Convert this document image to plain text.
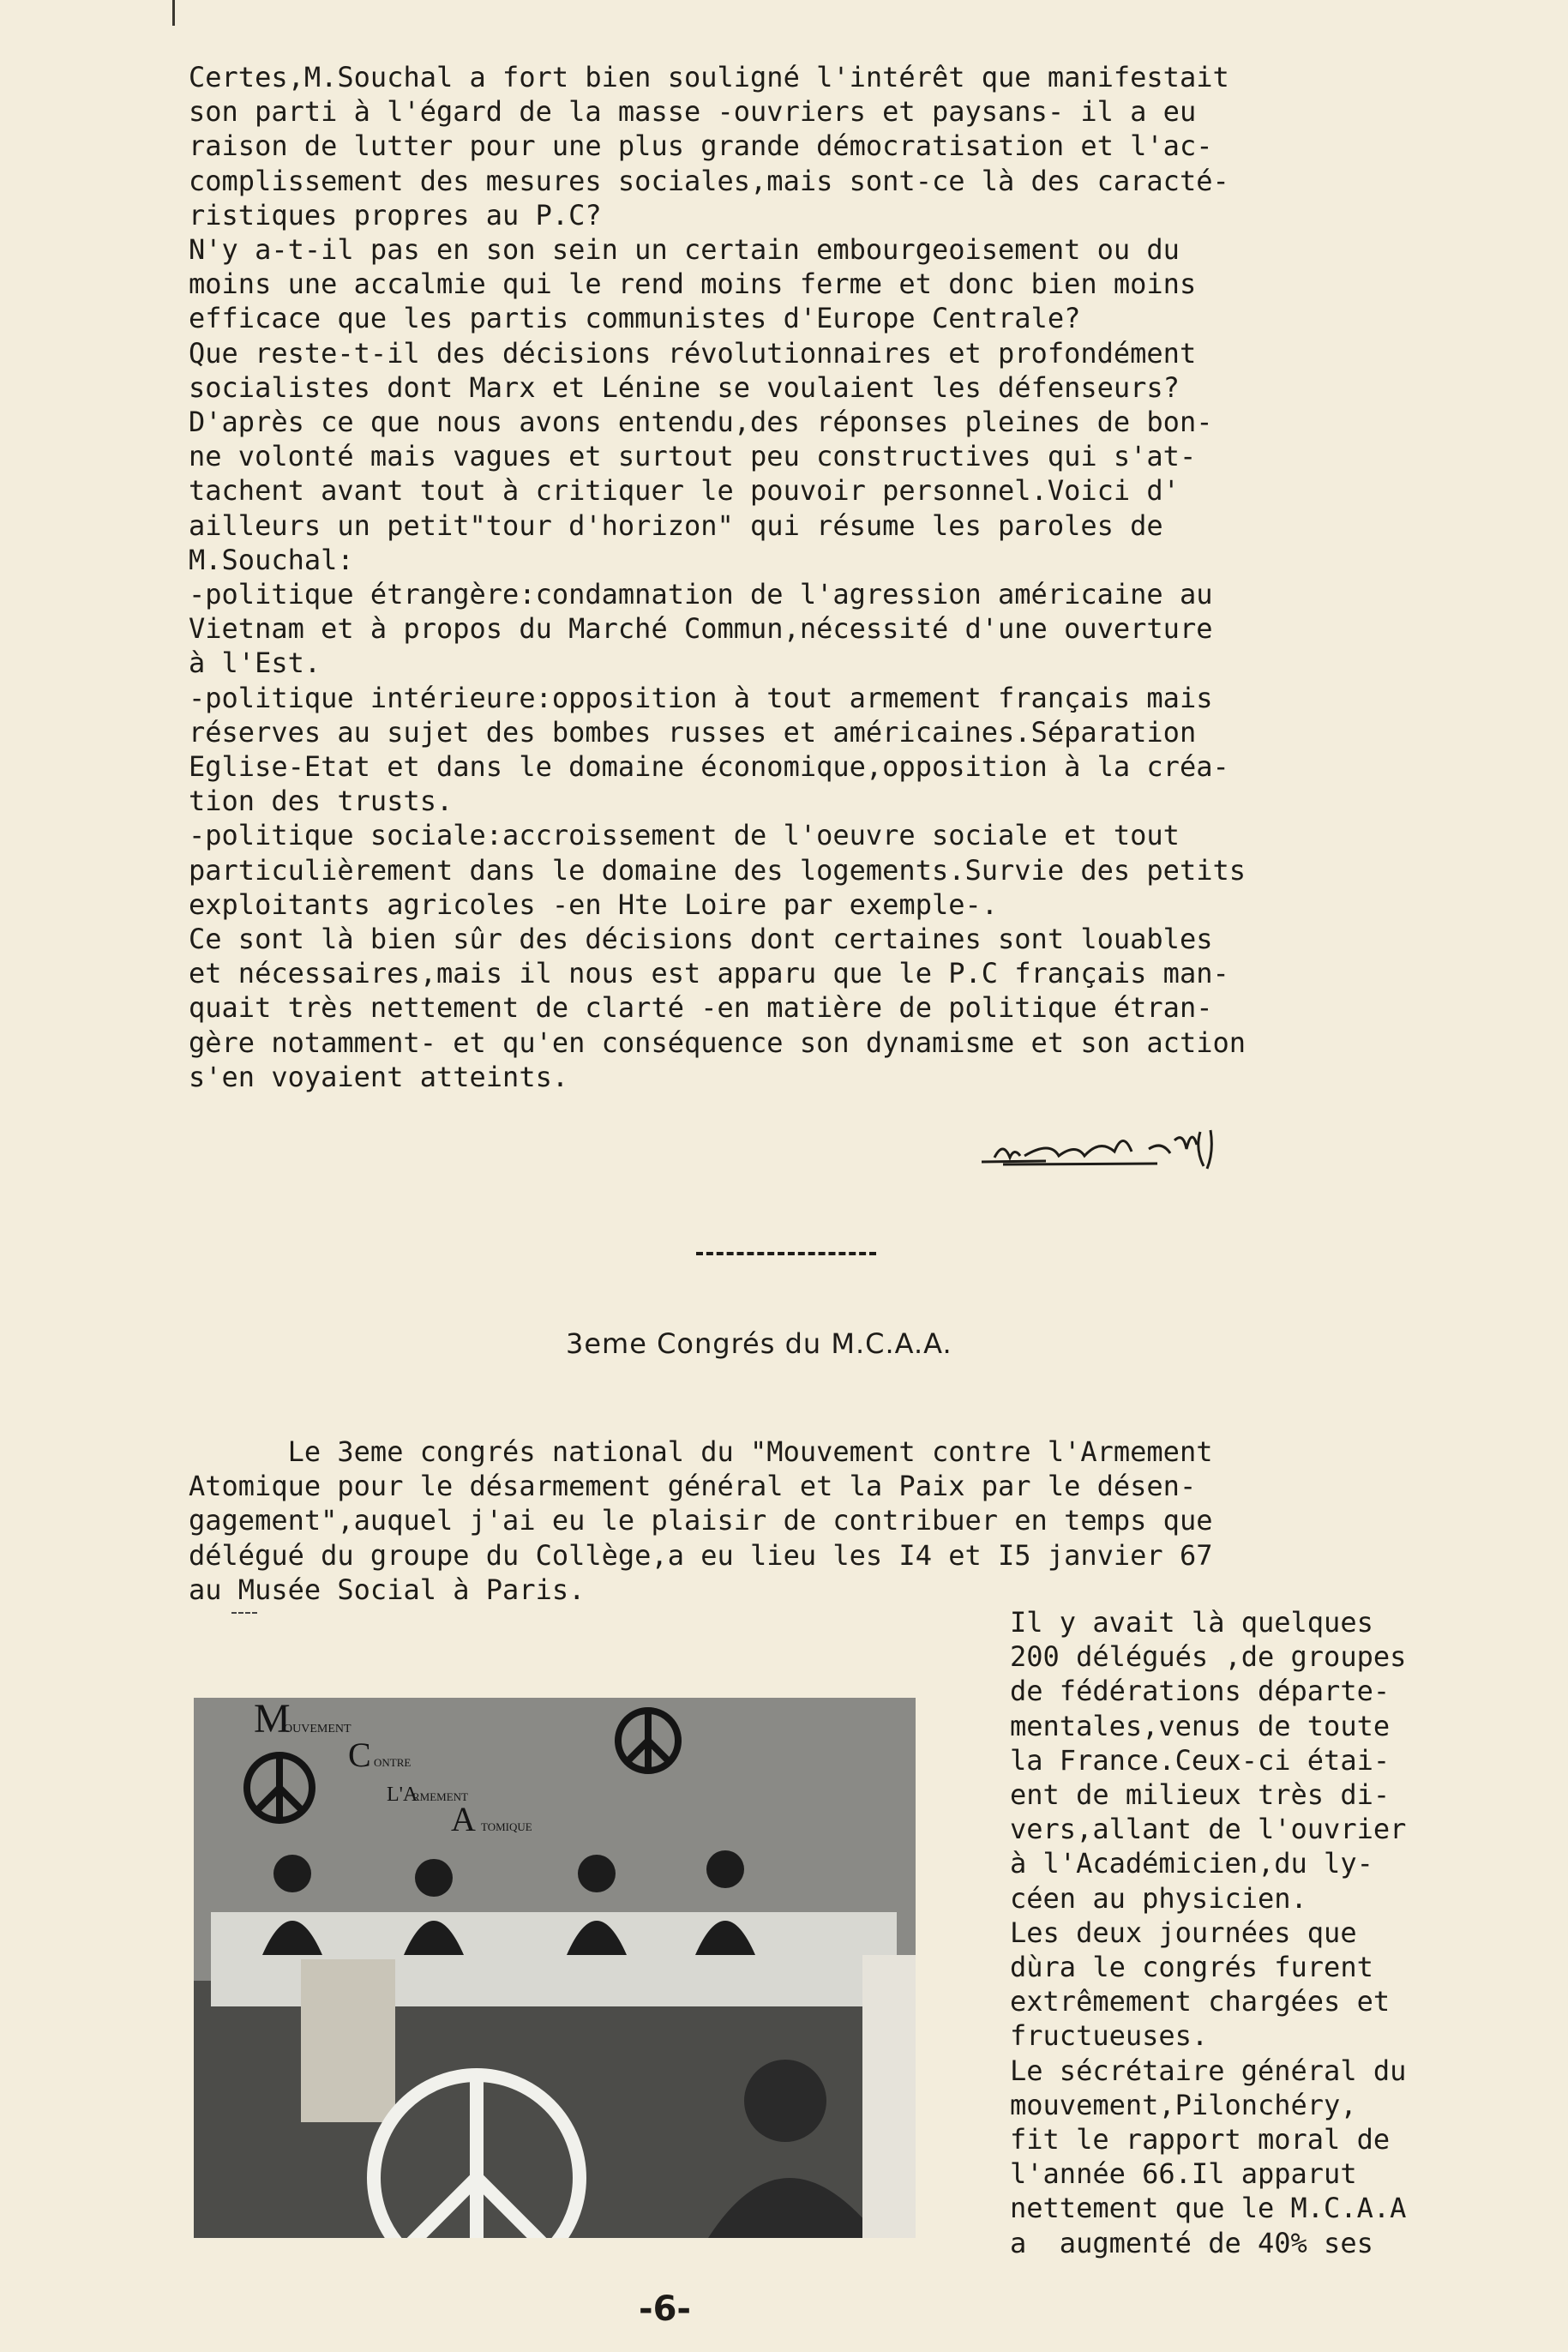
Certes,M.Souchal a fort bien souligné l'intérêt que manifestait
son parti à l'égard de la masse -ouvriers et paysans- il a eu
raison de lutter pour une plus grande démocratisation et l'ac-
complissement des mesures sociales,mais sont-ce là des caracté-
ristiques propres au P.C?
N'y a-t-il pas en son sein un certain embourgeoisement ou du
moins une accalmie qui le rend moins ferme et donc bien moins
efficace que les partis communistes d'Europe Centrale?
Que reste-t-il des décisions révolutionnaires et profondément
socialistes dont Marx et Lénine se voulaient les défenseurs?
D'après ce que nous avons entendu,des réponses pleines de bon-
ne volonté mais vagues et surtout peu constructives qui s'at-
tachent avant tout à critiquer le pouvoir personnel.Voici d'
ailleurs un petit"tour d'horizon" qui résume les paroles de
M.Souchal:
-politique étrangère:condamnation de l'agression américaine au
Vietnam et à propos du Marché Commun,nécessité d'une ouverture
à l'Est.
-politique intérieure:opposition à tout armement français mais
réserves au sujet des bombes russes et américaines.Séparation
Eglise-Etat et dans le domaine économique,opposition à la créa-
tion des trusts.
-politique sociale:accroissement de l'oeuvre sociale et tout
particulièrement dans le domaine des logements.Survie des petits
exploitants agricoles -en Hte Loire par exemple-.
Ce sont là bien sûr des décisions dont certaines sont louables
et nécessaires,mais il nous est apparu que le P.C français man-
quait très nettement de clarté -en matière de politique étran-
gère notamment- et qu'en conséquence son dynamisme et son action
s'en voyaient atteints.
3eme Congrés du M.C.A.A.
Le 3eme congrés national du "Mouvement contre l'Armement
Atomique pour le désarmement général et la Paix par le désen-
gagement",auquel j'ai eu le plaisir de contribuer en temps que
délégué du groupe du Collège,a eu lieu les I4 et I5 janvier 67
au Musée Social à Paris.
Il y avait là quelques
200 délégués ,de groupes
de fédérations départe-
mentales,venus de toute
la France.Ceux-ci étai-
ent de milieux très di-
vers,allant de l'ouvrier
à l'Académicien,du ly-
céen au physicien.
Les deux journées que
dùra le congrés furent
extrêmement chargées et
fructueuses.
Le sécrétaire général du
mouvement,Pilonchéry,
fit le rapport moral de
l'année 66.Il apparut
nettement que le M.C.A.A
a  augmenté de 40% ses
M
OUVEMENT
C ONTRE
L'A
RMEMENT
A TOMIQUE
-6-
